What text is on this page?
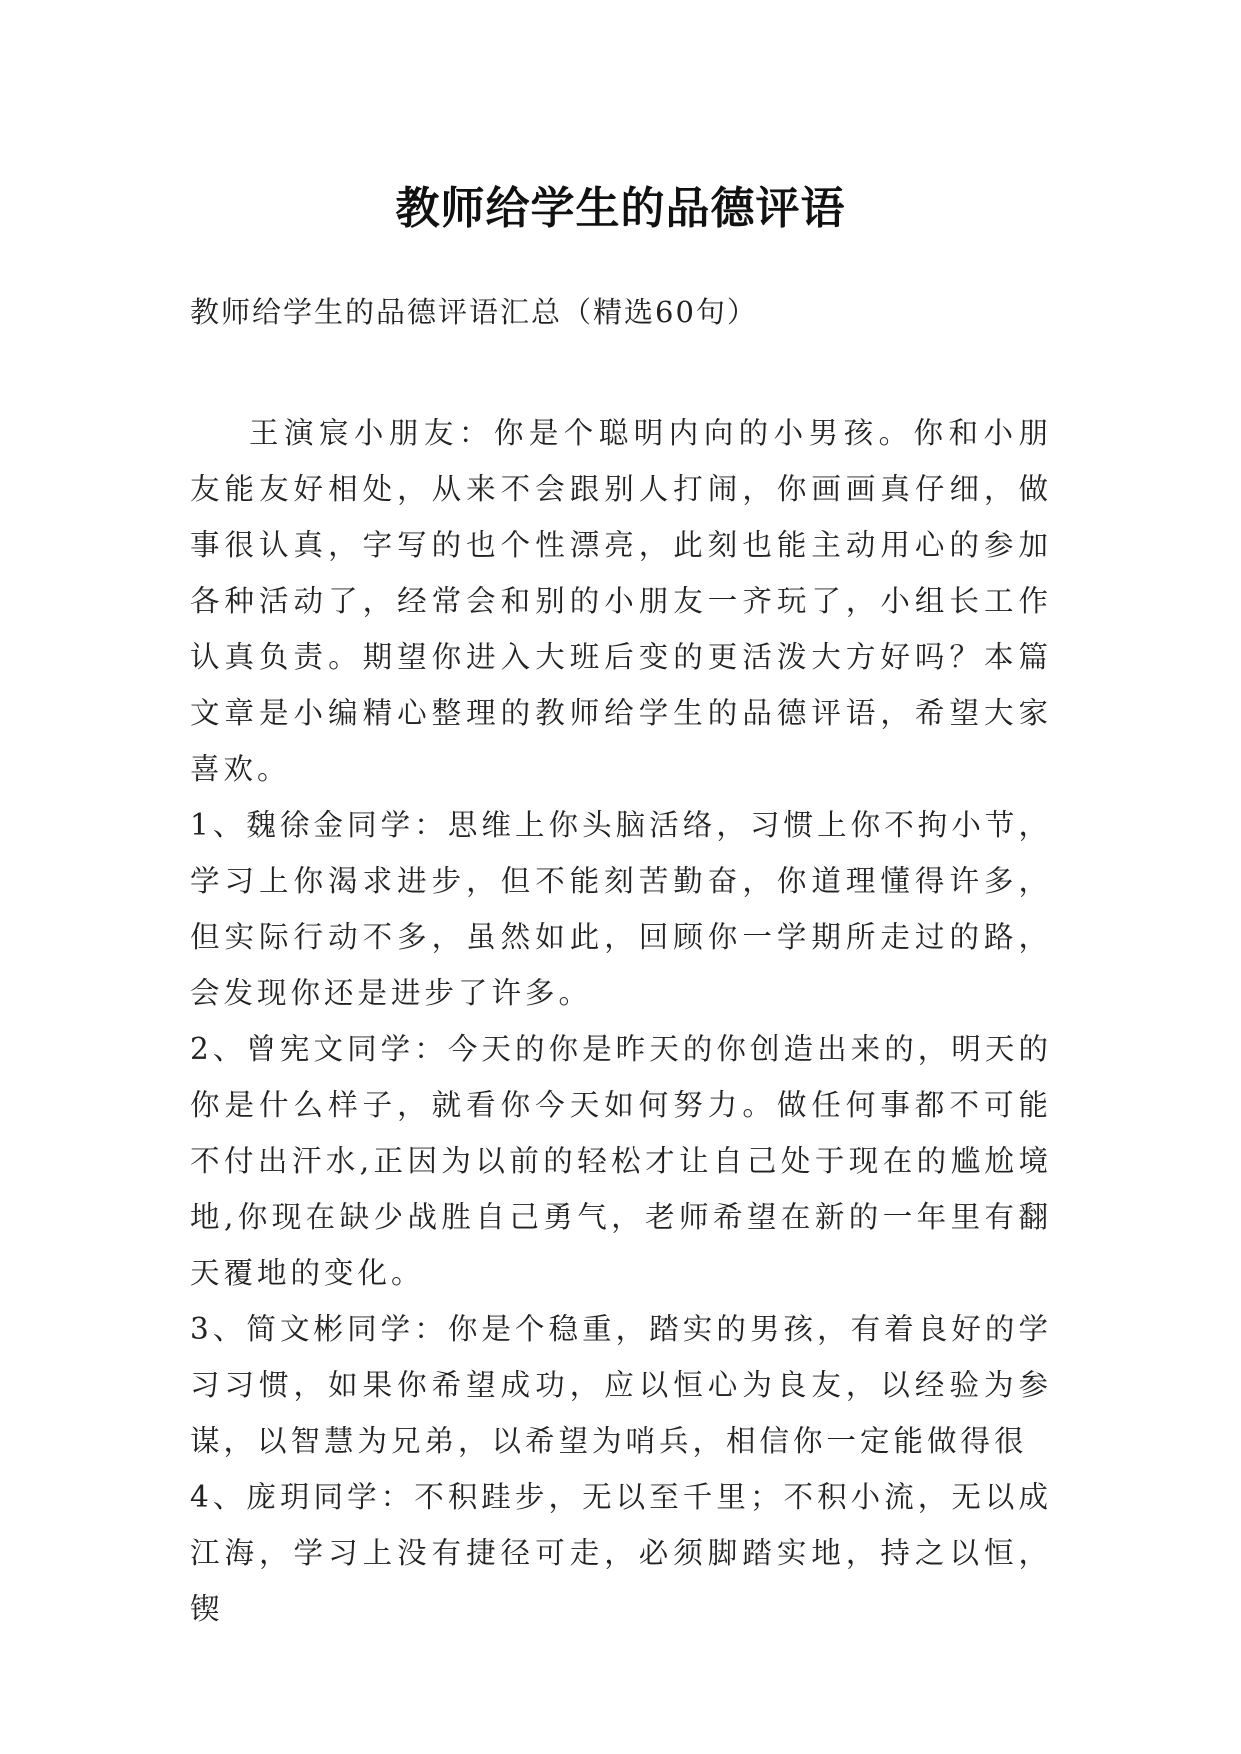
教师给学生的品德评语
教师给学生的品德评语汇总（精选60句）

王演宸小朋友：你是个聪明内向的小男孩。你和小朋友能友好相处，从来不会跟别人打闹，你画画真仔细，做事很认真，字写的也个性漂亮，此刻也能主动用心的参加各种活动了，经常会和别的小朋友一齐玩了，小组长工作认真负责。期望你进入大班后变的更活泼大方好吗？本篇文章是小编精心整理的教师给学生的品德评语，希望大家喜欢。

1、魏徐金同学：思维上你头脑活络，习惯上你不拘小节，学习上你渴求进步，但不能刻苦勤奋，你道理懂得许多，但实际行动不多，虽然如此，回顾你一学期所走过的路，会发现你还是进步了许多。

2、曾宪文同学：今天的你是昨天的你创造出来的，明天的你是什么样子，就看你今天如何努力。做任何事都不可能不付出汗水,正因为以前的轻松才让自己处于现在的尴尬境地,你现在缺少战胜自己勇气，老师希望在新的一年里有翻天覆地的变化。

3、简文彬同学：你是个稳重，踏实的男孩，有着良好的学习习惯，如果你希望成功，应以恒心为良友，以经验为参谋，以智慧为兄弟，以希望为哨兵，相信你一定能做得很

4、庞玥同学：不积跬步，无以至千里；不积小流，无以成江海，学习上没有捷径可走，必须脚踏实地，持之以恒，锲
